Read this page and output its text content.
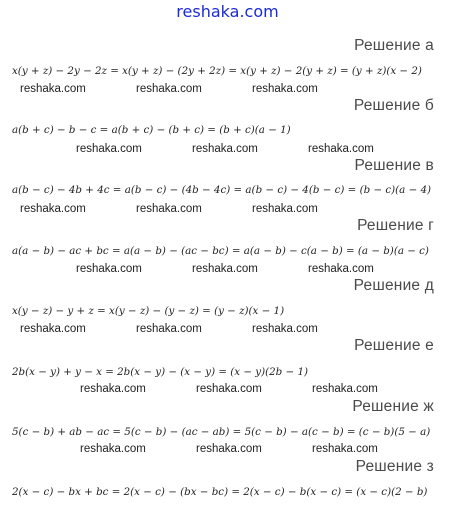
reshaka.com
Решение а
x(y + z) − 2y − 2z = x(y + z) − (2y + 2z) = x(y + z) − 2(y + z) = (y + z)(x − 2)
reshaka.com	reshaka.com	reshaka.com
Решение б
a(b + c) − b − c = a(b + c) − (b + c) = (b + c)(a − 1)
reshaka.com	reshaka.com	reshaka.com
Решение в
a(b − c) − 4b + 4c = a(b − c) − (4b − 4c) = a(b − c) − 4(b − c) = (b − c)(a − 4)
reshaka.com	reshaka.com	reshaka.com
Решение г
a(a − b) − ac + bc = a(a − b) − (ac − bc) = a(a − b) − c(a − b) = (a − b)(a − c)
reshaka.com	reshaka.com	reshaka.com
Решение д
x(y − z) − y + z = x(y − z) − (y − z) = (y − z)(x − 1)
reshaka.com	reshaka.com	reshaka.com
Решение е
2b(x − y) + y − x = 2b(x − y) − (x − y) = (x − y)(2b − 1)
reshaka.com	reshaka.com	reshaka.com
Решение ж
5(c − b) + ab − ac = 5(c − b) − (ac − ab) = 5(c − b) − a(c − b) = (c − b)(5 − a)
reshaka.com	reshaka.com	reshaka.com
Решение з
2(x − c) − bx + bc = 2(x − c) − (bx − bc) = 2(x − c) − b(x − c) = (x − c)(2 − b)
